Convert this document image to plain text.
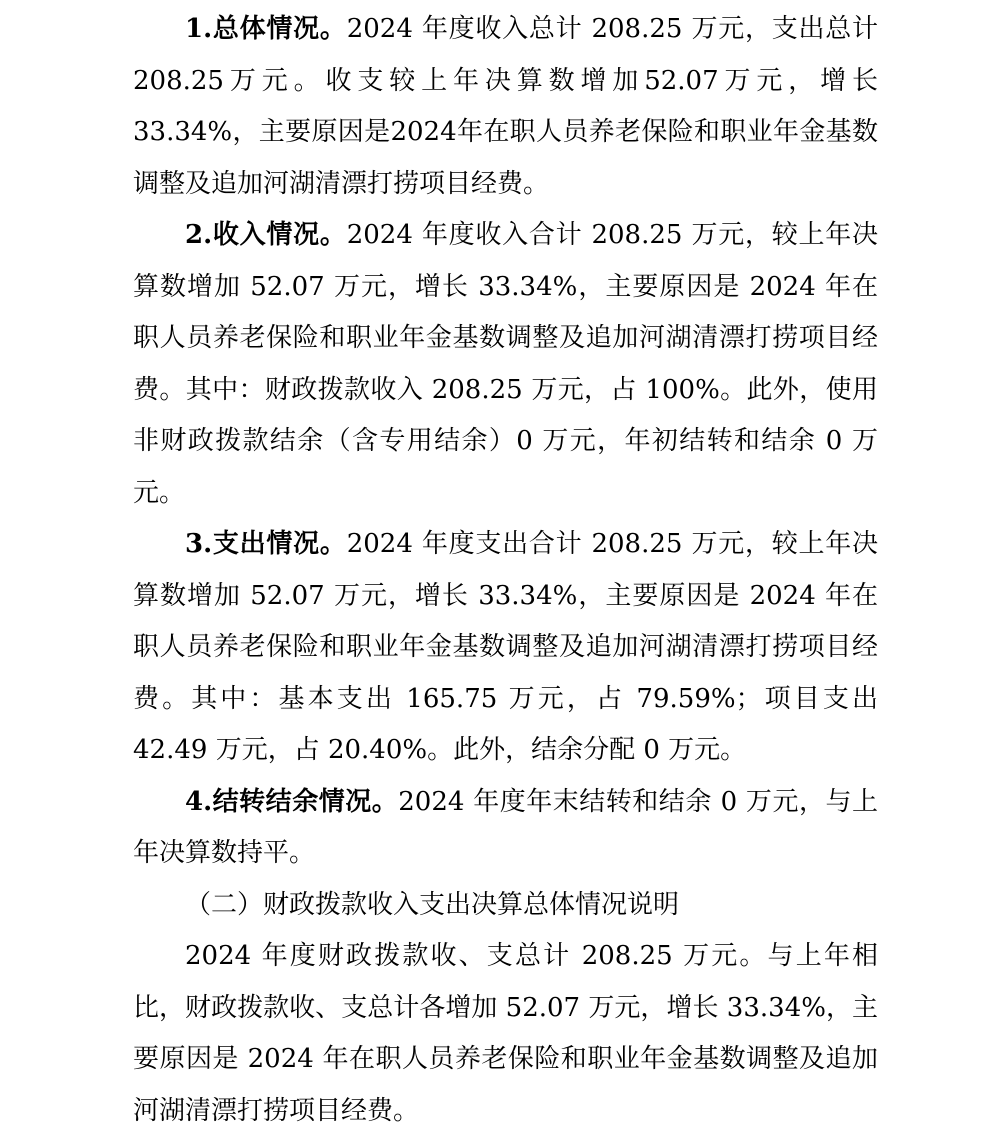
1.总体情况。2024 年度收入总计 208.25 万元，支出总计 208.25万元。收支较上年决算数增加52.07万元，增长33.34%，主要原因是2024年在职人员养老保险和职业年金基数调整及追加河湖清漂打捞项目经费。

2.收入情况。2024 年度收入合计 208.25 万元，较上年决算数增加 52.07 万元，增长 33.34%，主要原因是 2024 年在职人员养老保险和职业年金基数调整及追加河湖清漂打捞项目经费。其中：财政拨款收入 208.25 万元，占 100%。此外，使用非财政拨款结余（含专用结余）0 万元，年初结转和结余 0 万元。

3.支出情况。2024 年度支出合计 208.25 万元，较上年决算数增加 52.07 万元，增长 33.34%，主要原因是 2024 年在职人员养老保险和职业年金基数调整及追加河湖清漂打捞项目经费。其中：基本支出 165.75 万元，占 79.59%；项目支出 42.49 万元，占 20.40%。此外，结余分配 0 万元。

4.结转结余情况。2024 年度年末结转和结余 0 万元，与上年决算数持平。

（二）财政拨款收入支出决算总体情况说明

2024 年度财政拨款收、支总计 208.25 万元。与上年相比，财政拨款收、支总计各增加 52.07 万元，增长 33.34%，主要原因是 2024 年在职人员养老保险和职业年金基数调整及追加河湖清漂打捞项目经费。
